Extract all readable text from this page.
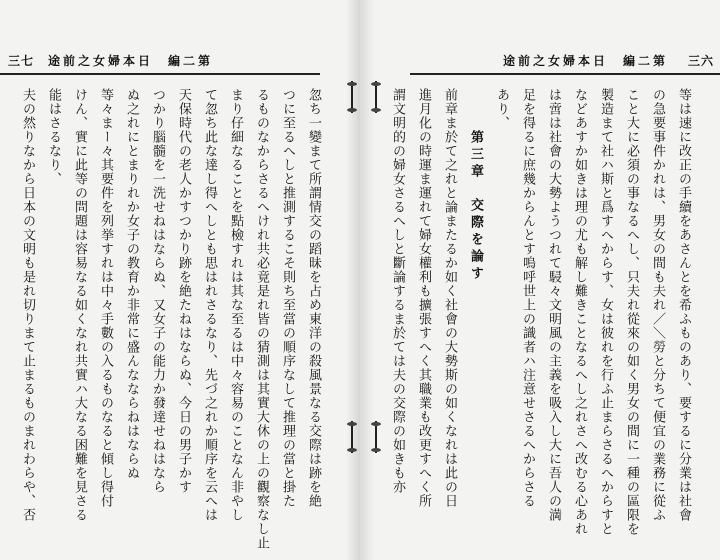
三七 途前之女婦本日　編二第
忽ち一變まて所謂情交の蹈昧を占め東洋の殺風景なる交際は跡を絶
つに至るへしと推測するこそ則ち至當の順序なして推理の當と掛た
るものなからさるへけれ共必竟是れ皆の猜測は其實大休の上の觀察なし止
まり仔細なることを點檢すれは其な至るは中々容易のことなん非やし
て忽ち此な達し得へしとも思はれさるなり、先づ之れか順序を云へは
天保時代の老人かすつかり跡を絶たねはならぬ、今日の男子かす
つかり腦髓を一洗せねはならぬ、又女子の能力か發達せねはなら
ぬ之れにとまりれか女子の教育か非常に盛んなならねはならぬ
等々まー々其要件を列挙すれは中々手數の入るものなると傾し得付
けん、實に此等の問題は容易なる如くなれ共實ハ大なる困難を見さる
能はさるなり、
夫の然りなから日本の文明も是れ切りまて止まるものまれわらや、否
三六
途前之女婦本日　編二第
等は速に改正の手續をあさんとを希ふものあり、要するに分業は社會
の急要事件かれは、男女の間も夫れ／＼勞と分ちて便宜の業務に從ふ
こと大に必須の事なるへし、只夫れ從來の如く男女の間に一種の區限を
製造まて社ハ斯と爲すへからす、女は彼れを行ふ止まらさるへからすと
などあすか如きは理の尤も解し難きことなるへし之れさへ改むる心あれ
は啻は社會の大勢ようつれて駸々文明風の主義を吸入し大に吾人の満
足を得るに庶幾からんとす嗚呼世上の識者ハ注意せさるへからさる
あり、
第三章　交際を論す
前章ま於て之れと論またるか如く社會の大勢斯の如くなれは此の日
進月化の時運ま運れて婦女權利も擴張すへく其職業も改更すへく所
謂文明的の婦女さるへしと斷論するま於ては夫の交際の如きも亦
